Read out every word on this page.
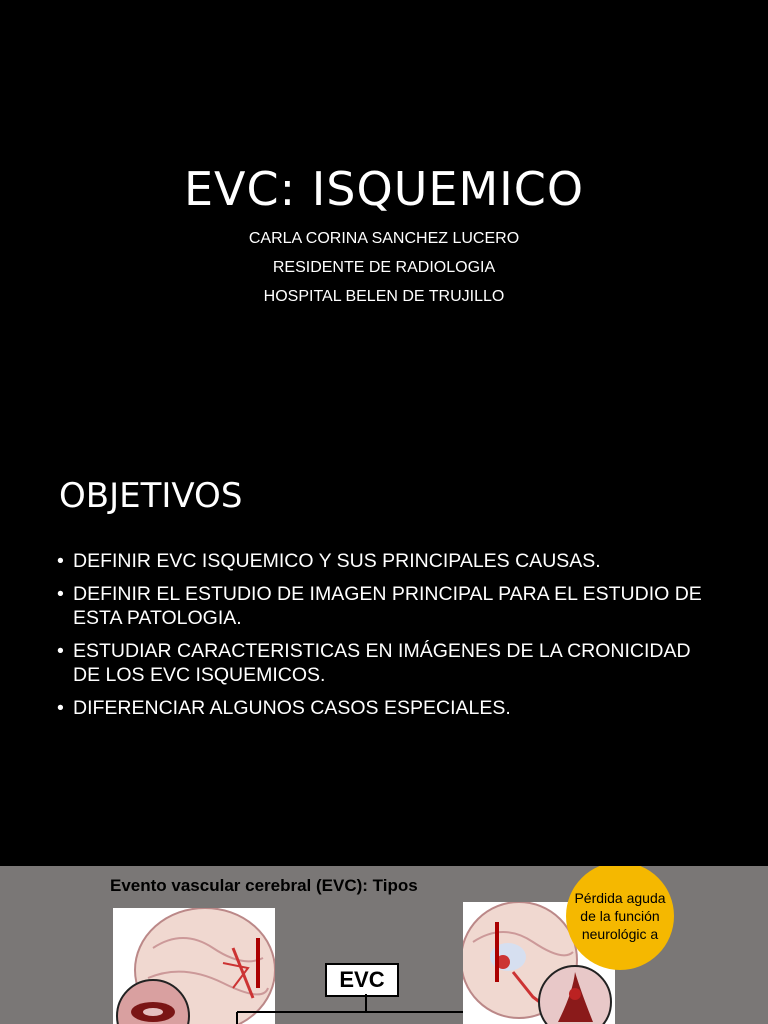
EVC: ISQUEMICO
CARLA CORINA SANCHEZ LUCERO
RESIDENTE DE RADIOLOGIA
HOSPITAL BELEN DE TRUJILLO
OBJETIVOS
• DEFINIR EVC ISQUEMICO Y SUS PRINCIPALES CAUSAS.
• DEFINIR EL ESTUDIO DE IMAGEN PRINCIPAL PARA EL ESTUDIO DE ESTA PATOLOGIA.
• ESTUDIAR CARACTERISTICAS EN IMÁGENES DE LA CRONICIDAD DE LOS EVC ISQUEMICOS.
• DIFERENCIAR ALGUNOS CASOS ESPECIALES.
Evento vascular cerebral (EVC): Tipos
EVC
Pérdida aguda de la función neurológic a
